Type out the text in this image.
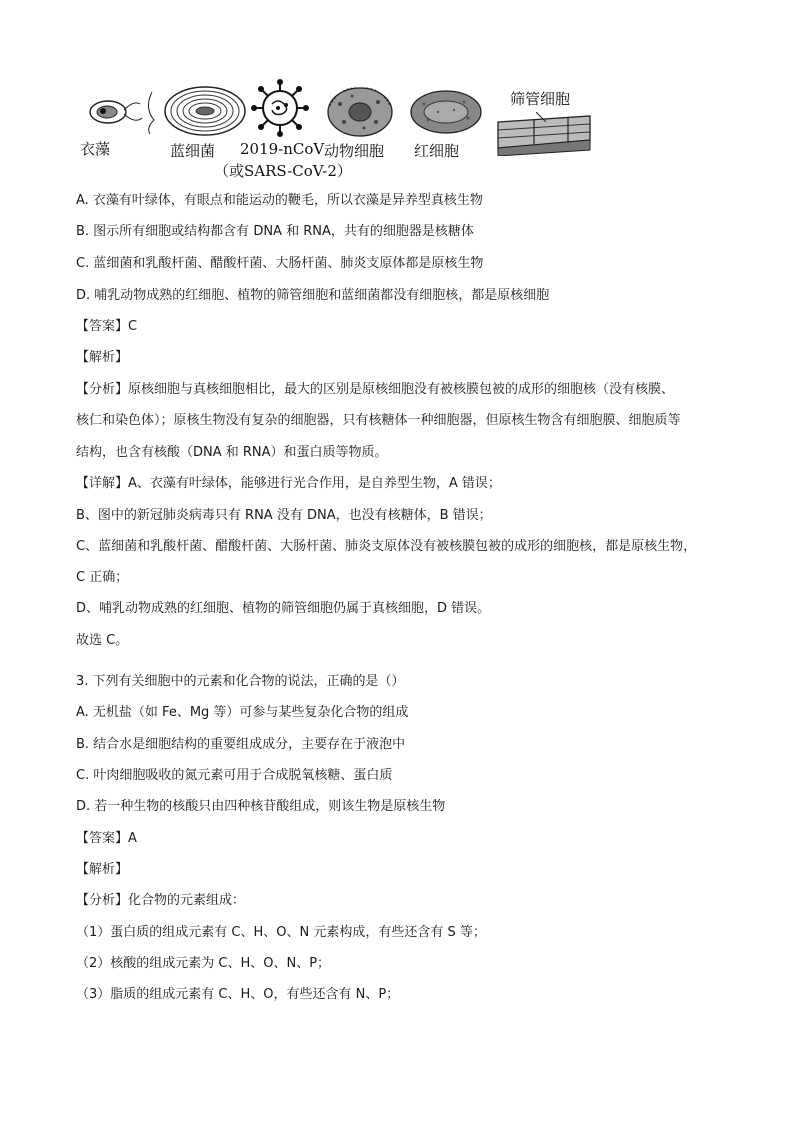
衣藻	蓝细菌 2019-nCoV
（或SARS-CoV-2）
动物细胞 红细胞
筛管细胞
A. 衣藻有叶绿体，有眼点和能运动的鞭毛，所以衣藻是异养型真核生物
B. 图示所有细胞或结构都含有 DNA 和 RNA，共有的细胞器是核糖体
C. 蓝细菌和乳酸杆菌、醋酸杆菌、大肠杆菌、肺炎支原体都是原核生物
D. 哺乳动物成熟的红细胞、植物的筛管细胞和蓝细菌都没有细胞核，都是原核细胞
【答案】C
【解析】
【分析】原核细胞与真核细胞相比，最大的区别是原核细胞没有被核膜包被的成形的细胞核（没有核膜、
核仁和染色体）；原核生物没有复杂的细胞器，只有核糖体一种细胞器，但原核生物含有细胞膜、细胞质等
结构，也含有核酸（DNA 和 RNA）和蛋白质等物质。
【详解】A、衣藻有叶绿体，能够进行光合作用，是自养型生物，A 错误；
B、图中的新冠肺炎病毒只有 RNA 没有 DNA，也没有核糖体，B 错误；
C、蓝细菌和乳酸杆菌、醋酸杆菌、大肠杆菌、肺炎支原体没有被核膜包被的成形的细胞核，都是原核生物，
C 正确；
D、哺乳动物成熟的红细胞、植物的筛管细胞仍属于真核细胞，D 错误。
故选 C。
3. 下列有关细胞中的元素和化合物的说法，正确的是（）
A. 无机盐（如 Fe、Mg 等）可参与某些复杂化合物的组成
B. 结合水是细胞结构的重要组成成分，主要存在于液泡中
C. 叶肉细胞吸收的氮元素可用于合成脱氧核糖、蛋白质
D. 若一种生物的核酸只由四种核苷酸组成，则该生物是原核生物
【答案】A
【解析】
【分析】化合物的元素组成：
（1）蛋白质的组成元素有 C、H、O、N 元素构成，有些还含有 S 等；
（2）核酸的组成元素为 C、H、O、N、P；
（3）脂质的组成元素有 C、H、O，有些还含有 N、P；
